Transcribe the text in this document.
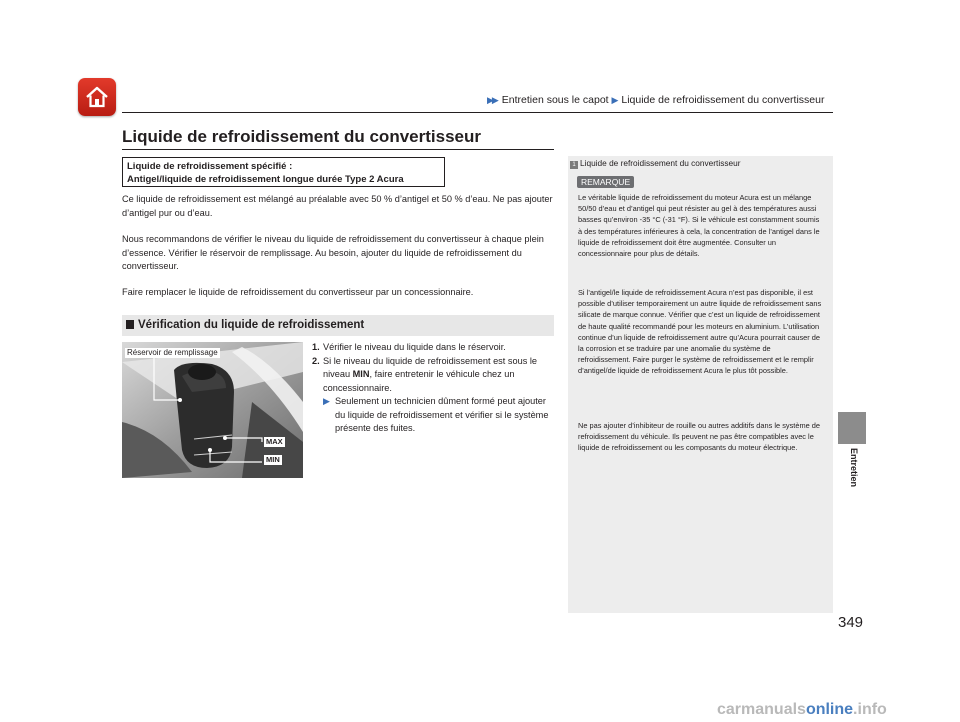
▶▶ Entretien sous le capot ▶ Liquide de refroidissement du convertisseur
Liquide de refroidissement du convertisseur
Liquide de refroidissement spécifié :
Antigel/liquide de refroidissement longue durée Type 2 Acura
Ce liquide de refroidissement est mélangé au préalable avec 50 % d’antigel et 50 % d’eau. Ne pas ajouter d’antigel pur ou d’eau.
Nous recommandons de vérifier le niveau du liquide de refroidissement du convertisseur à chaque plein d’essence. Vérifier le réservoir de remplissage. Au besoin, ajouter du liquide de refroidissement du convertisseur.
Faire remplacer le liquide de refroidissement du convertisseur par un concessionnaire.
Vérification du liquide de refroidissement
Réservoir de remplissage
MAX
MIN
1. Vérifier le niveau du liquide dans le réservoir.
2. Si le niveau du liquide de refroidissement est sous le niveau MIN, faire entretenir le véhicule chez un concessionnaire.
▶ Seulement un technicien dûment formé peut ajouter du liquide de refroidissement et vérifier si le système présente des fuites.
1 Liquide de refroidissement du convertisseur
REMARQUE
Le véritable liquide de refroidissement du moteur Acura est un mélange 50/50 d’eau et d’antigel qui peut résister au gel à des températures aussi basses qu’environ -35 °C (-31 °F). Si le véhicule est constamment soumis à des températures inférieures à cela, la concentration de l’antigel dans le liquide de refroidissement doit être augmentée. Consulter un concessionnaire pour plus de détails.
Si l’antigel/le liquide de refroidissement Acura n’est pas disponible, il est possible d’utiliser temporairement un autre liquide de refroidissement sans silicate de marque connue. Vérifier que c’est un liquide de refroidissement de haute qualité recommandé pour les moteurs en aluminium. L’utilisation continue d’un liquide de refroidissement autre qu’Acura pourrait causer de la corrosion et se traduire par une anomalie du système de refroidissement. Faire purger le système de refroidissement et le remplir d’antigel/de liquide de refroidissement Acura le plus tôt possible.
Ne pas ajouter d’inhibiteur de rouille ou autres additifs dans le système de refroidissement du véhicule. Ils peuvent ne pas être compatibles avec le liquide de refroidissement ou les composants du moteur électrique.
Entretien
349
carmanualsonline.info
